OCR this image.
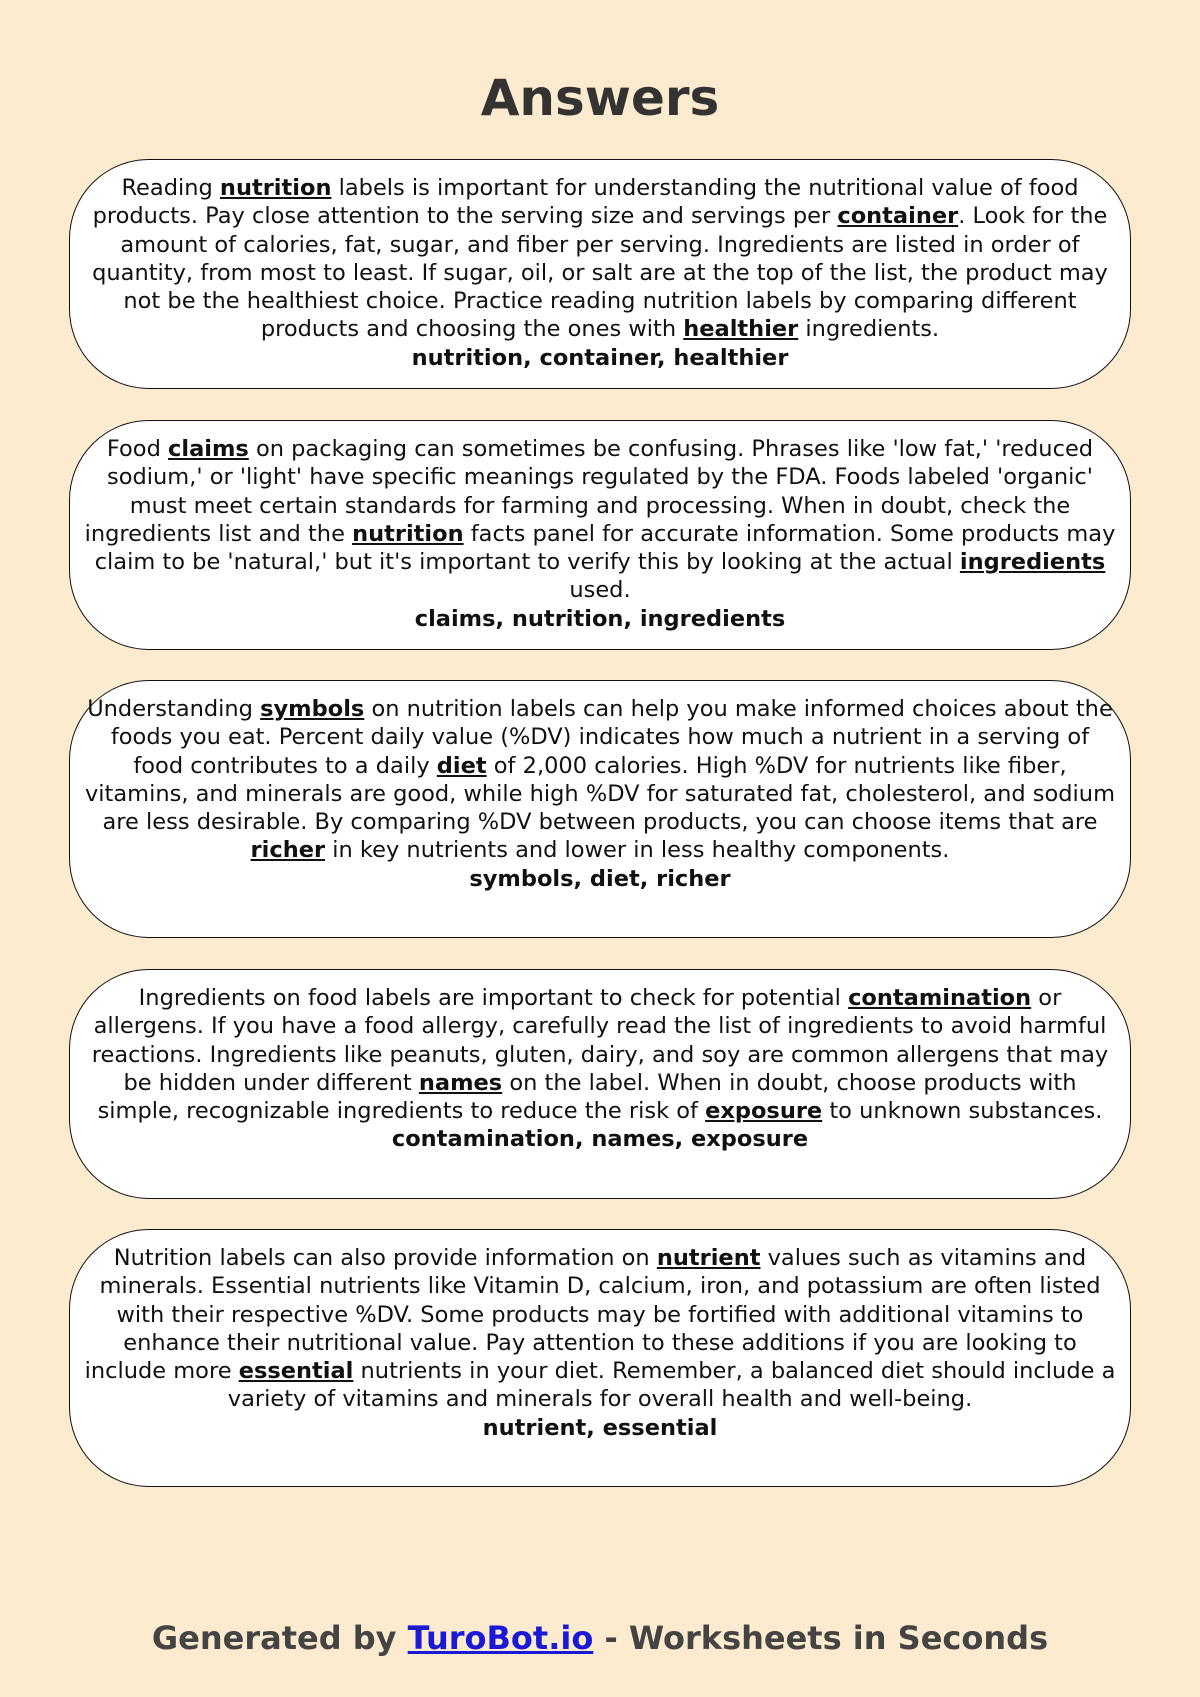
Answers

Reading nutrition labels is important for understanding the nutritional value of food products. Pay close attention to the serving size and servings per container. Look for the amount of calories, fat, sugar, and fiber per serving. Ingredients are listed in order of quantity, from most to least. If sugar, oil, or salt are at the top of the list, the product may not be the healthiest choice. Practice reading nutrition labels by comparing different products and choosing the ones with healthier ingredients.

nutrition, container, healthier

Food claims on packaging can sometimes be confusing. Phrases like 'low fat,' 'reduced sodium,' or 'light' have specific meanings regulated by the FDA. Foods labeled 'organic' must meet certain standards for farming and processing. When in doubt, check the ingredients list and the nutrition facts panel for accurate information. Some products may claim to be 'natural,' but it's important to verify this by looking at the actual ingredients used.

claims, nutrition, ingredients

Understanding symbols on nutrition labels can help you make informed choices about the foods you eat. Percent daily value (%DV) indicates how much a nutrient in a serving of food contributes to a daily diet of 2,000 calories. High %DV for nutrients like fiber, vitamins, and minerals are good, while high %DV for saturated fat, cholesterol, and sodium are less desirable. By comparing %DV between products, you can choose items that are richer in key nutrients and lower in less healthy components.

symbols, diet, richer

Ingredients on food labels are important to check for potential contamination or allergens. If you have a food allergy, carefully read the list of ingredients to avoid harmful reactions. Ingredients like peanuts, gluten, dairy, and soy are common allergens that may be hidden under different names on the label. When in doubt, choose products with simple, recognizable ingredients to reduce the risk of exposure to unknown substances.

contamination, names, exposure

Nutrition labels can also provide information on nutrient values such as vitamins and minerals. Essential nutrients like Vitamin D, calcium, iron, and potassium are often listed with their respective %DV. Some products may be fortified with additional vitamins to enhance their nutritional value. Pay attention to these additions if you are looking to include more essential nutrients in your diet. Remember, a balanced diet should include a variety of vitamins and minerals for overall health and well-being.

nutrient, essential

Generated by TuroBot.io - Worksheets in Seconds
